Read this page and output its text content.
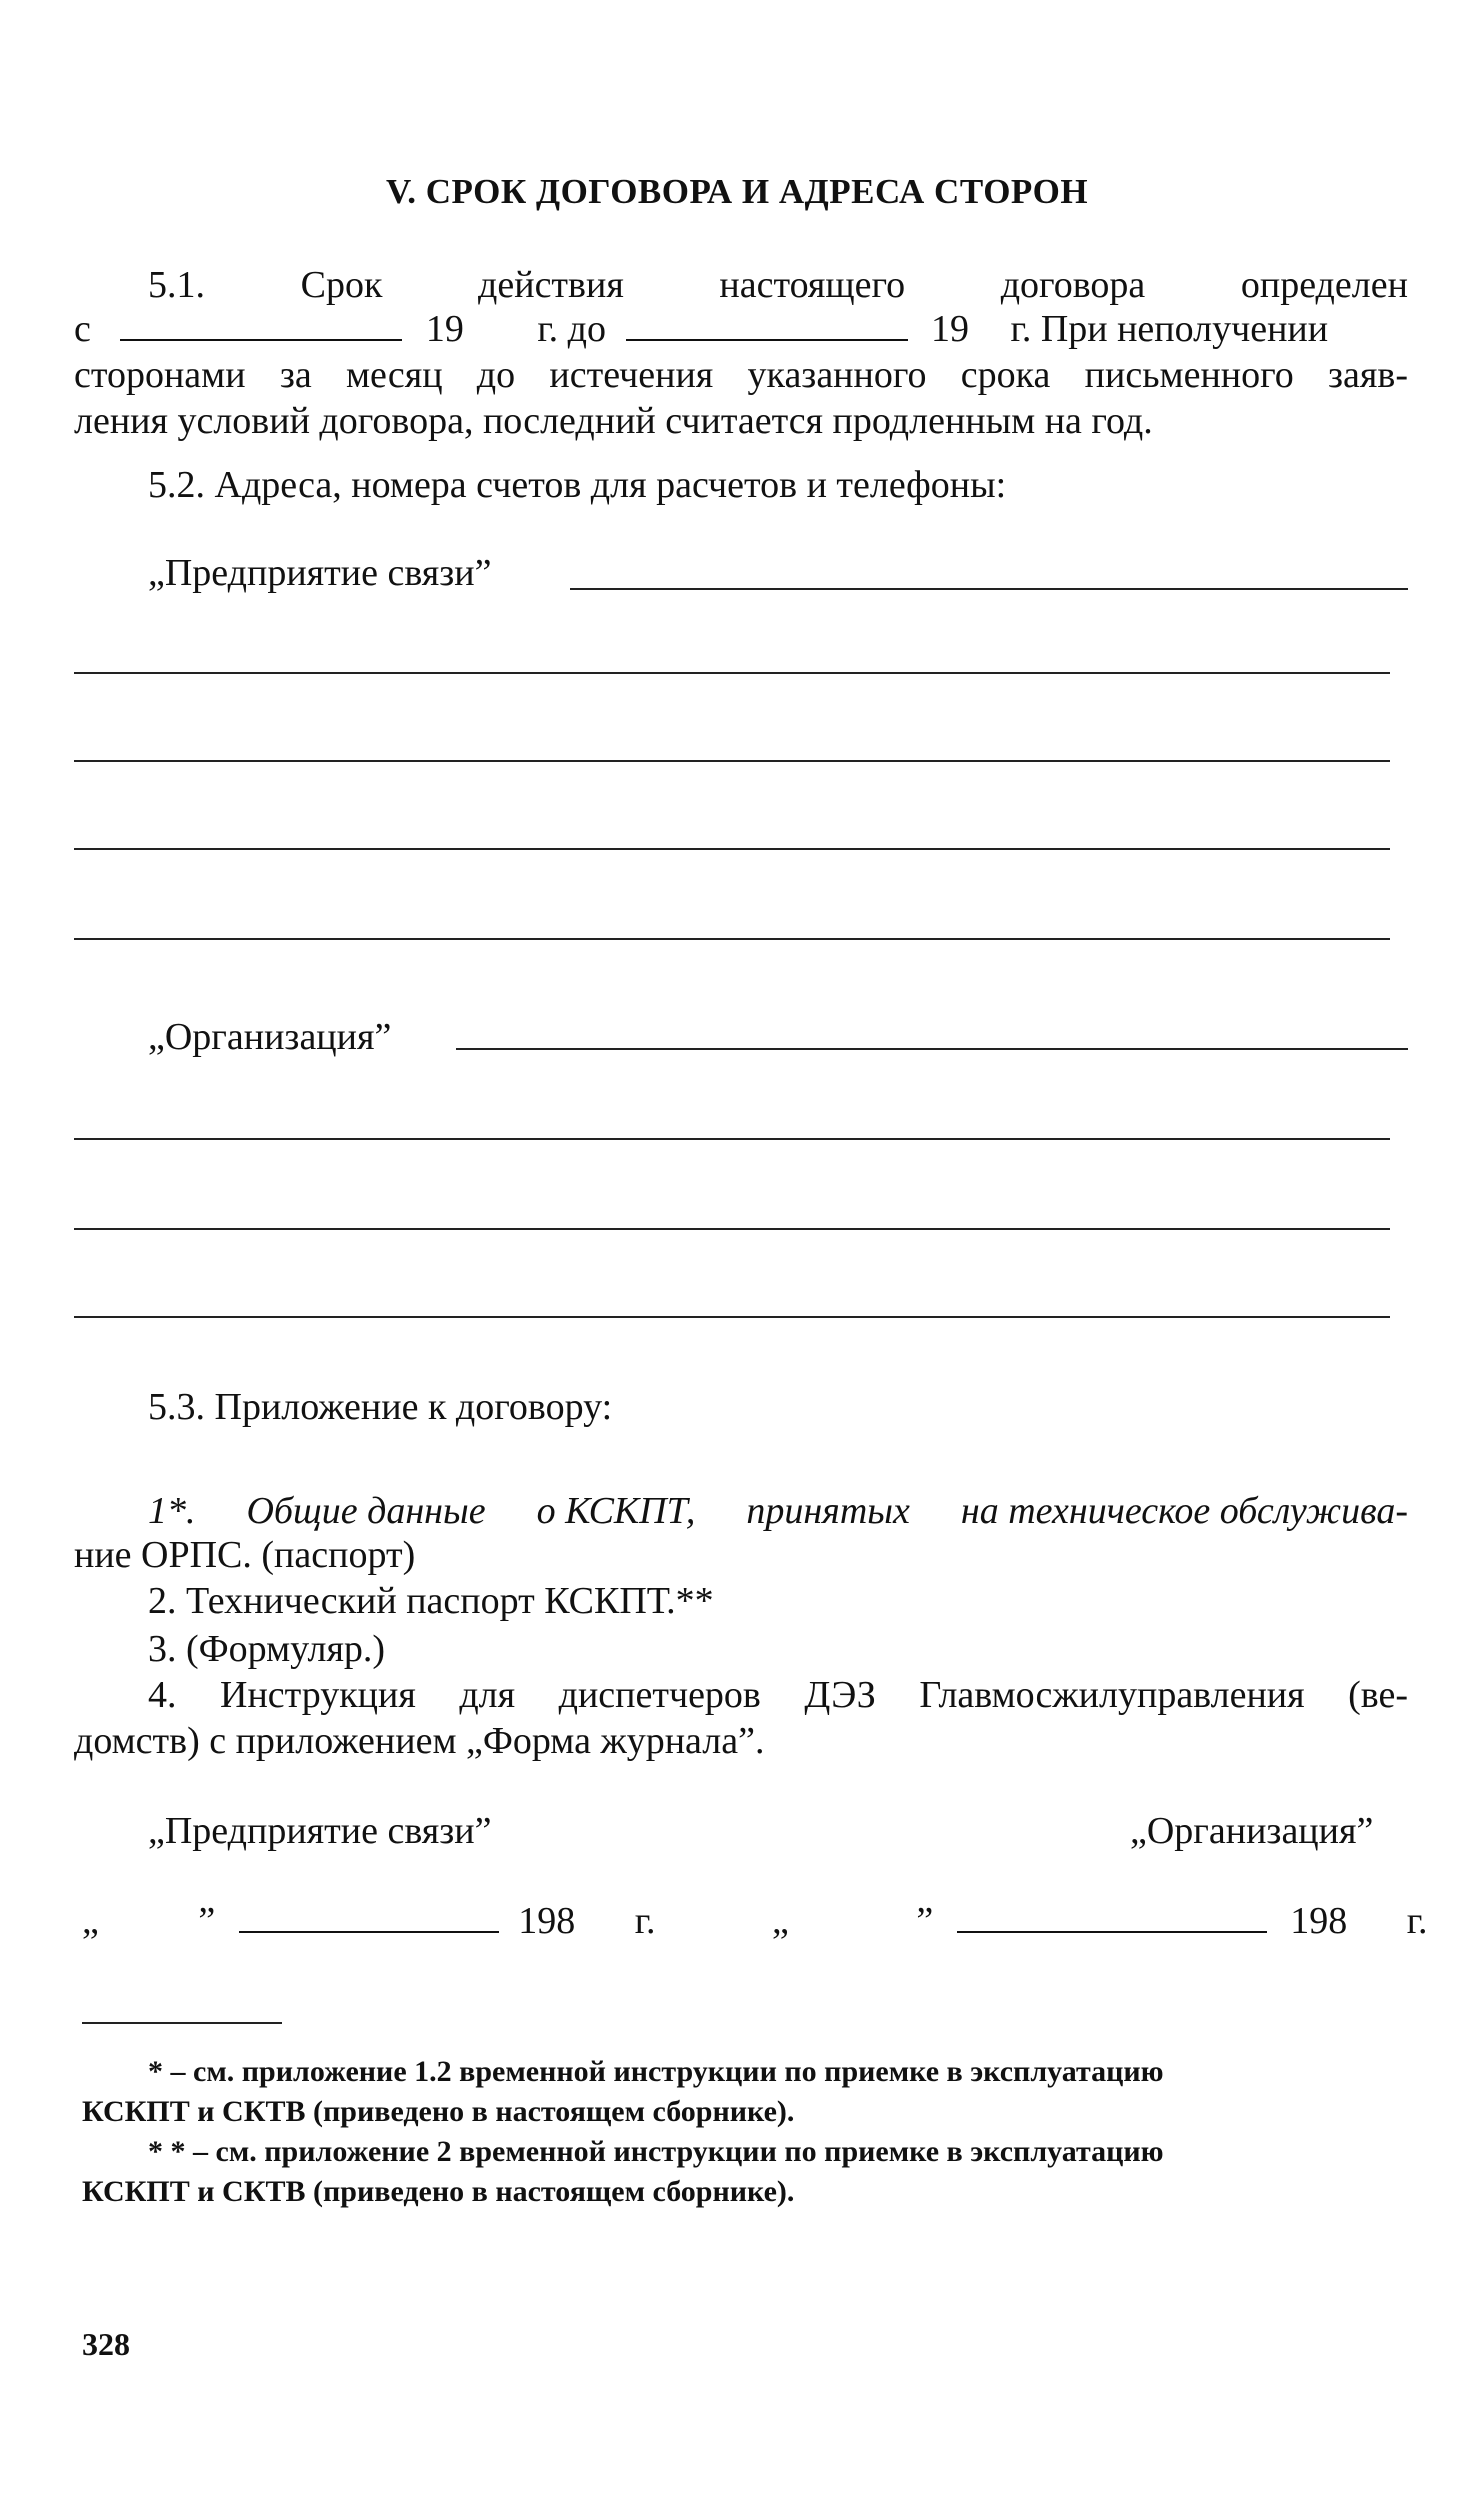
V. СРОК ДОГОВОРА И АДРЕСА СТОРОН
5.1.	Срок	действия	настоящего	договора	определен
с	19 г. до	19 г. При неполучении
сторонами за месяц до истечения указанного срока письменного заяв-
ления условий договора, последний считается продленным на год.
5.2. Адреса, номера счетов для расчетов и телефоны:
„Предприятие связи”
„Организация”
5.3. Приложение к договору:
1*. Общие данные о КСКПТ, принятых на техническое обслужива-
ние ОРПС. (паспорт)
2. Технический паспорт КСКПТ.**
3. (Формуляр.)
4. Инструкция для диспетчеров ДЭЗ Главмосжилуправления (ве-
домств) с приложением „Форма журнала”.
„Предприятие связи”	„Организация”
„	”	198 г.	„	”	198 г.
* – см. приложение 1.2 временной инструкции по приемке в эксплуатацию
КСКПТ и СКТВ (приведено в настоящем сборнике).
* * – см. приложение 2 временной инструкции по приемке в эксплуатацию
КСКПТ и СКТВ (приведено в настоящем сборнике).
328
